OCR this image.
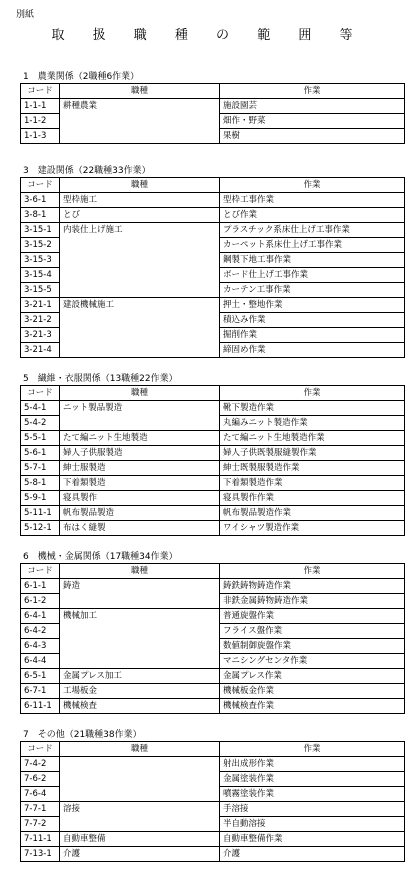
別紙
取 扱 職 種 の 範 囲 等
1　農業関係（2職種6作業）
コード	職種	作業
1-1-1	耕種農業	施設園芸
1-1-2		畑作・野菜
1-1-3		果樹
3　建設関係（22職種33作業）
コード	職種	作業
3-6-1	型枠施工	型枠工事作業
3-8-1	とび	とび作業
3-15-1	内装仕上げ施工	プラスチック系床仕上げ工事作業
3-15-2		カーペット系床仕上げ工事作業
3-15-3		鋼製下地工事作業
3-15-4		ボード仕上げ工事作業
3-15-5		カーテン工事作業
3-21-1	建設機械施工	押土・整地作業
3-21-2		積込み作業
3-21-3		掘削作業
3-21-4		締固め作業
5　繊維・衣服関係（13職種22作業）
コード	職種	作業
5-4-1	ニット製品製造	靴下製造作業
5-4-2		丸編みニット製造作業
5-5-1	たて編ニット生地製造	たて編ニット生地製造作業
5-6-1	婦人子供服製造	婦人子供既製服縫製作業
5-7-1	紳士服製造	紳士既製服製造作業
5-8-1	下着類製造	下着類製造作業
5-9-1	寝具製作	寝具製作作業
5-11-1	帆布製品製造	帆布製品製造作業
5-12-1	布はく縫製	ワイシャツ製造作業
6　機械・金属関係（17職種34作業）
コード	職種	作業
6-1-1	鋳造	鋳鉄鋳物鋳造作業
6-1-2		非鉄金属鋳物鋳造作業
6-4-1	機械加工	普通旋盤作業
6-4-2		フライス盤作業
6-4-3		数値制御旋盤作業
6-4-4		マニシングセンタ作業
6-5-1	金属プレス加工	金属プレス作業
6-7-1	工場板金	機械板金作業
6-11-1	機械検査	機械検査作業
7　その他（21職種38作業）
コード	職種	作業
7-4-2		射出成形作業
7-6-2		金属塗装作業
7-6-4		噴霧塗装作業
7-7-1	溶接	手溶接
7-7-2		半自動溶接
7-11-1	自動車整備	自動車整備作業
7-13-1	介護	介護
